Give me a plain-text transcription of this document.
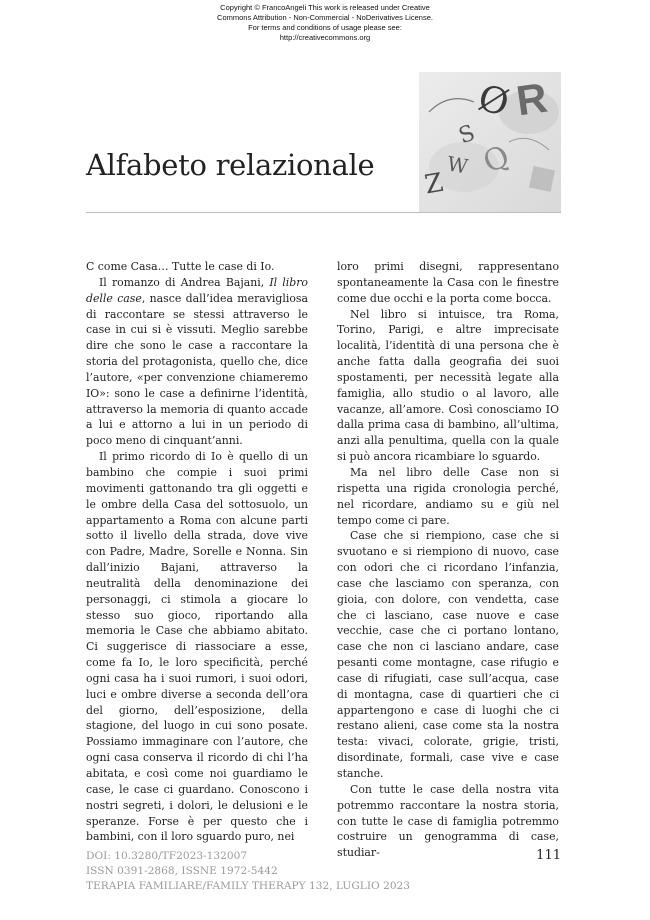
Copyright © FrancoAngeli This work is released under Creative
Commons Attribution - Non-Commercial - NoDerivatives License.
For terms and conditions of usage please see:
http://creativecommons.org
Alfabeto relazionale
R
Ø
S
Z
W Q

C come Casa… Tutte le case di Io.

Il romanzo di Andrea Bajani, Il libro delle case, nasce dall’idea meravigliosa di raccontare se stessi attraverso le case in cui si è vissuti. Meglio sarebbe dire che sono le case a raccontare la storia del protagonista, quello che, dice l’autore, «per convenzione chiameremo IO»: sono le case a definirne l’identità, attraverso la memoria di quanto accade a lui e attorno a lui in un periodo di poco meno di cinquant’anni.

Il primo ricordo di Io è quello di un bambino che compie i suoi primi movimenti gattonando tra gli oggetti e le ombre della Casa del sottosuolo, un appartamento a Roma con alcune parti sotto il livello della strada, dove vive con Padre, Madre, Sorelle e Nonna. Sin dall’inizio Bajani, attraverso la neutralità della denominazione dei personaggi, ci stimola a giocare lo stesso suo gioco, riportando alla memoria le Case che abbiamo abitato. Ci suggerisce di riassociare a esse, come fa Io, le loro specificità, perché ogni casa ha i suoi rumori, i suoi odori, luci e ombre diverse a seconda dell’ora del giorno, dell’esposizione, della stagione, del luogo in cui sono posate. Possiamo immaginare con l’autore, che ogni casa conserva il ricordo di chi l’ha abitata, e così come noi guardiamo le case, le case ci guardano. Conoscono i nostri segreti, i dolori, le delusioni e le speranze. Forse è per questo che i bambini, con il loro sguardo puro, nei

loro primi disegni, rappresentano spontaneamente la Casa con le finestre come due occhi e la porta come bocca.

Nel libro si intuisce, tra Roma, Torino, Parigi, e altre imprecisate località, l’identità di una persona che è anche fatta dalla geografia dei suoi spostamenti, per necessità legate alla famiglia, allo studio o al lavoro, alle vacanze, all’amore. Così conosciamo IO dalla prima casa di bambino, all’ultima, anzi alla penultima, quella con la quale si può ancora ricambiare lo sguardo.

Ma nel libro delle Case non si rispetta una rigida cronologia perché, nel ricordare, andiamo su e giù nel tempo come ci pare.

Case che si riempiono, case che si svuotano e si riempiono di nuovo, case con odori che ci ricordano l’infanzia, case che lasciamo con speranza, con gioia, con dolore, con vendetta, case che ci lasciano, case nuove e case vecchie, case che ci portano lontano, case che non ci lasciano andare, case pesanti come montagne, case rifugio e case di rifugiati, case sull’acqua, case di montagna, case di quartieri che ci appartengono e case di luoghi che ci restano alieni, case come sta la nostra testa: vivaci, colorate, grigie, tristi, disordinate, formali, case vive e case stanche.

Con tutte le case della nostra vita potremmo raccontare la nostra storia, con tutte le case di famiglia potremmo costruire un genogramma di case, studiar-

DOI: 10.3280/TF2023-132007
ISSN 0391-2868, ISSNE 1972-5442
TERAPIA FAMILIARE/FAMILY THERAPY 132, LUGLIO 2023
111
